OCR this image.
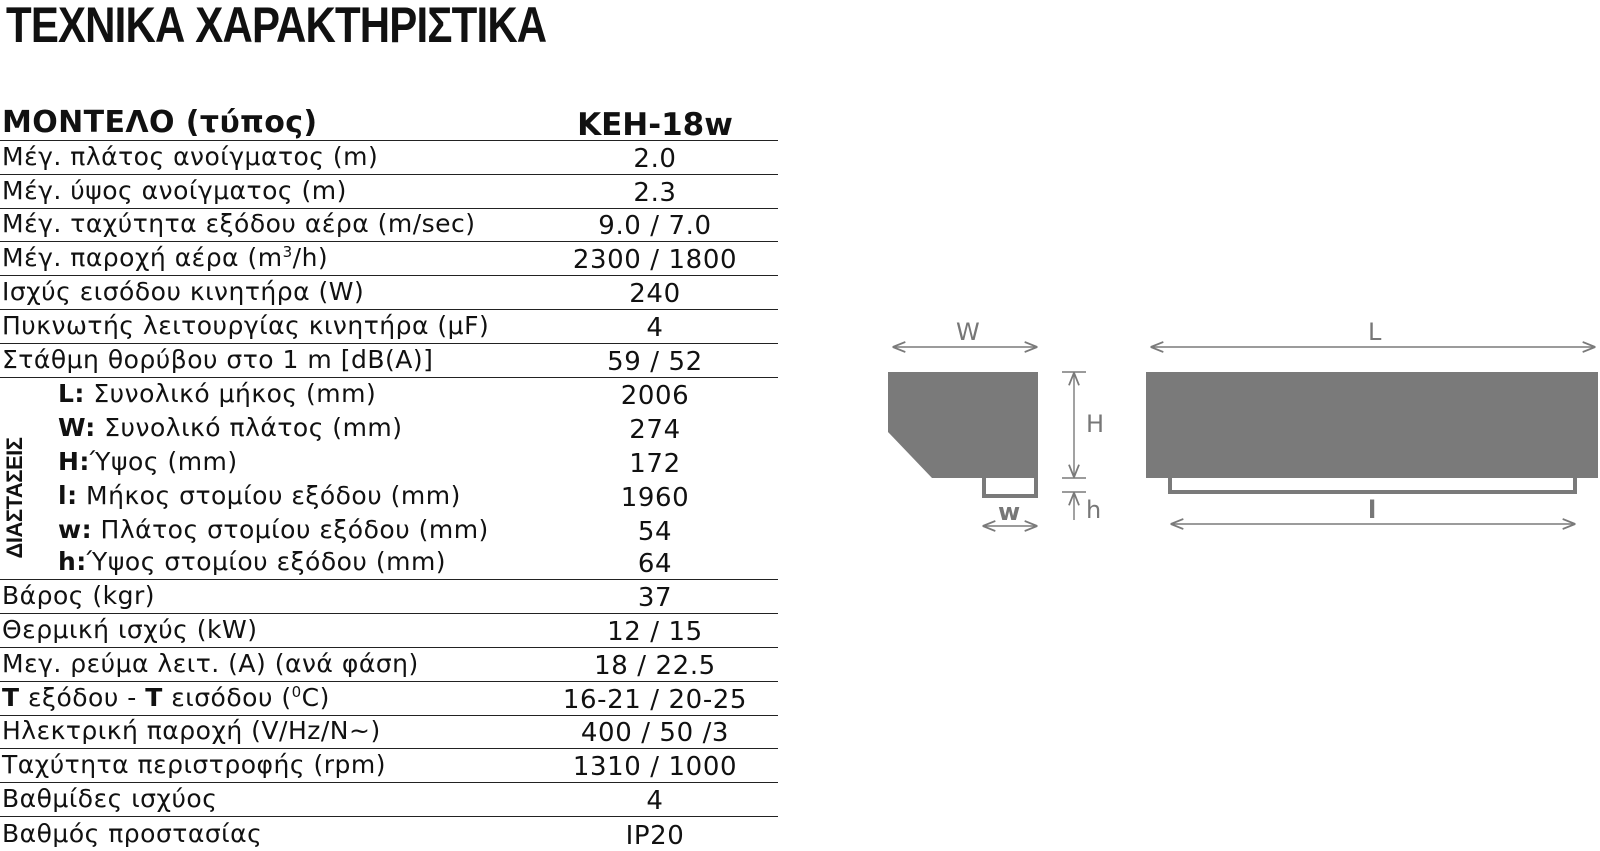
ΤΕΧΝΙΚΑ ΧΑΡΑΚΤΗΡΙΣΤΙΚΑ
ΜΟΝΤΕΛΟ (τύπος)	ΚΕΗ-18w
Μέγ. πλάτος ανοίγματος (m)	2.0
Μέγ. ύψος ανοίγματος (m)	2.3
Μέγ. ταχύτητα εξόδου αέρα (m/sec)	9.0 / 7.0
Μέγ. παροχή αέρα $(m^3/h)$	2300 / 1800
Ισχύς εισόδου κινητήρα (W)	240
Πυκνωτής λειτουργίας κινητήρα (μF)	4
Στάθμη θορύβου στο 1 m [dB(A)]	59 / 52
L: Συνολικό μήκος (mm)	2006
W: Συνολικό πλάτος (mm)	274
H:Ύψος (mm)	172
l: Μήκος στομίου εξόδου (mm)	1960
w: Πλάτος στομίου εξόδου (mm)	54
h:Ύψος στομίου εξόδου (mm)	64
Βάρος (kgr)	37
Θερμική ισχύς (kW)	12 / 15
Μεγ. ρεύμα λειτ. (A) (ανά φάση)	18 / 22.5
T εξόδου - T εισόδου ($^0$C)	16-21 / 20-25
Ηλεκτρική παροχή (V/Hz/N~)	400 / 50 /3
Ταχύτητα περιστροφής (rpm)	1310 / 1000
Βαθμίδες ισχύος	4
Βαθμός προστασίας	IP20
ΔΙΑΣΤΑΣΕΙΣ
W
H
h
w
L
l
